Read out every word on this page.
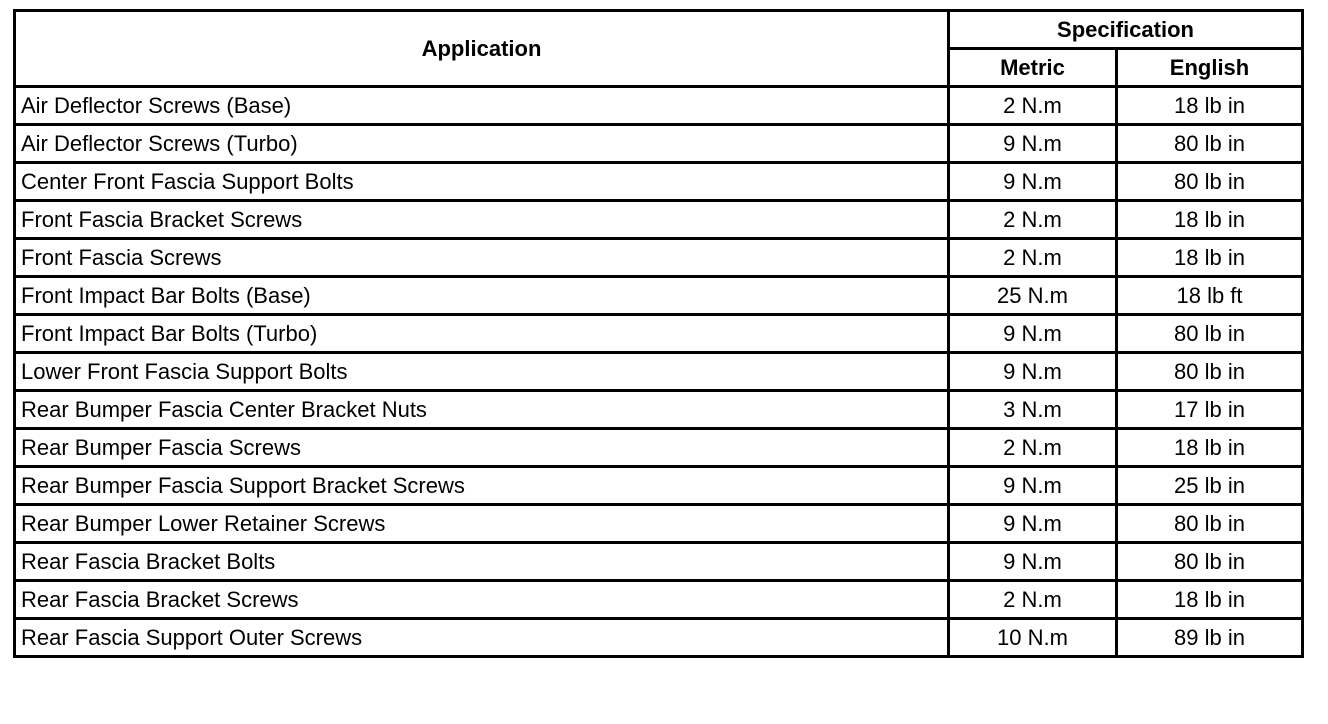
Application	Specification	
	Metric	English
Air Deflector Screws (Base)	2 N.m	18 lb in
Air Deflector Screws (Turbo)	9 N.m	80 lb in
Center Front Fascia Support Bolts	9 N.m	80 lb in
Front Fascia Bracket Screws	2 N.m	18 lb in
Front Fascia Screws	2 N.m	18 lb in
Front Impact Bar Bolts (Base)	25 N.m	18 lb ft
Front Impact Bar Bolts (Turbo)	9 N.m	80 lb in
Lower Front Fascia Support Bolts	9 N.m	80 lb in
Rear Bumper Fascia Center Bracket Nuts	3 N.m	17 lb in
Rear Bumper Fascia Screws	2 N.m	18 lb in
Rear Bumper Fascia Support Bracket Screws	9 N.m	25 lb in
Rear Bumper Lower Retainer Screws	9 N.m	80 lb in
Rear Fascia Bracket Bolts	9 N.m	80 lb in
Rear Fascia Bracket Screws	2 N.m	18 lb in
Rear Fascia Support Outer Screws	10 N.m	89 lb in
